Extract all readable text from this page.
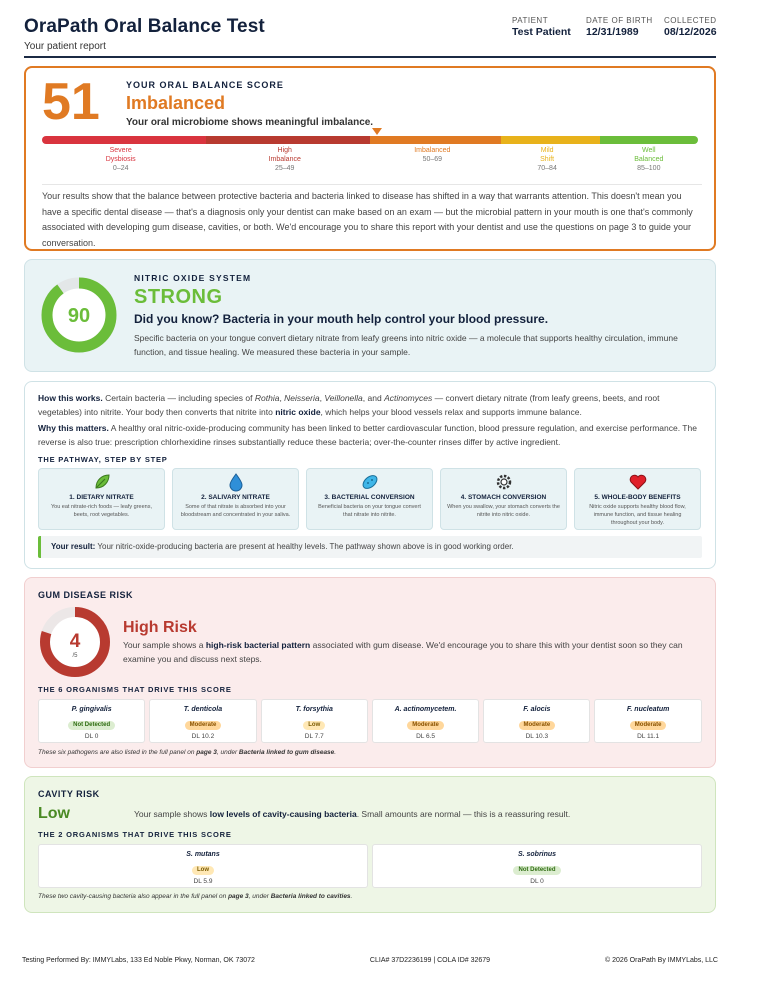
OraPath Oral Balance Test
Your patient report
PATIENT
Test Patient
DATE OF BIRTH
12/31/1989
COLLECTED
08/12/2026
51	YOUR ORAL BALANCE SCORE
Imbalanced
Your oral microbiome shows meaningful imbalance.
Severe
Dysbiosis
0–24
High
Imbalance
25–49
Imbalanced
50–69
Mild
Shift
70–84
Well
Balanced
85–100
Your results show that the balance between protective bacteria and bacteria linked to disease has shifted in a way that warrants attention. This doesn't mean you have a specific dental disease — that's a diagnosis only your dentist can make based on an exam — but the microbial pattern in your mouth is one that's commonly associated with developing gum disease, cavities, or both. We'd encourage you to share this report with your dentist and use the questions on page 3 to guide your conversation.
90
NITRIC OXIDE SYSTEM
STRONG
Did you know? Bacteria in your mouth help control your blood pressure.
Specific bacteria on your tongue convert dietary nitrate from leafy greens into nitric oxide — a molecule that supports healthy circulation, immune function, and tissue healing. We measured these bacteria in your sample.

How this works. Certain bacteria — including species of Rothia, Neisseria, Veillonella, and Actinomyces — convert dietary nitrate (from leafy greens, beets, and root vegetables) into nitrite. Your body then converts that nitrite into nitric oxide, which helps your blood vessels relax and supports immune balance.

Why this matters. A healthy oral nitric-oxide-producing community has been linked to better cardiovascular function, blood pressure regulation, and exercise performance. The reverse is also true: prescription chlorhexidine rinses substantially reduce these bacteria; over-the-counter rinses differ by active ingredient.

THE PATHWAY, STEP BY STEP
1. DIETARY NITRATE
You eat nitrate-rich foods — leafy greens, beets, root vegetables.
2. SALIVARY NITRATE
Some of that nitrate is absorbed into your bloodstream and concentrated in your saliva.
3. BACTERIAL CONVERSION
Beneficial bacteria on your tongue convert that nitrate into nitrite.
4. STOMACH CONVERSION
When you swallow, your stomach converts the nitrite into nitric oxide.
5. WHOLE-BODY BENEFITS
Nitric oxide supports healthy blood flow, immune function, and tissue healing throughout your body.
Your result: Your nitric-oxide-producing bacteria are present at healthy levels. The pathway shown above is in good working order.
GUM DISEASE RISK
4
/5
High Risk
Your sample shows a high-risk bacterial pattern associated with gum disease. We'd encourage you to share this with your dentist soon so they can examine you and discuss next steps.
THE 6 ORGANISMS THAT DRIVE THIS SCORE
P. gingivalis
Not Detected
DL 0
T. denticola
Moderate
DL 10.2
T. forsythia
Low
DL 7.7
A. actinomycetem.
Moderate
DL 6.5
F. alocis
Moderate
DL 10.3
F. nucleatum
Moderate
DL 11.1
These six pathogens are also listed in the full panel on page 3, under Bacteria linked to gum disease.
CAVITY RISK
Low	Your sample shows low levels of cavity-causing bacteria. Small amounts are normal — this is a reassuring result.
THE 2 ORGANISMS THAT DRIVE THIS SCORE
S. mutans
Low
DL 5.9
S. sobrinus
Not Detected
DL 0
These two cavity-causing bacteria also appear in the full panel on page 3, under Bacteria linked to cavities.
Testing Performed By: IMMYLabs, 133 Ed Noble Pkwy, Norman, OK 73072	CLIA# 37D2236199 | COLA ID# 32679	© 2026 OraPath By IMMYLabs, LLC
